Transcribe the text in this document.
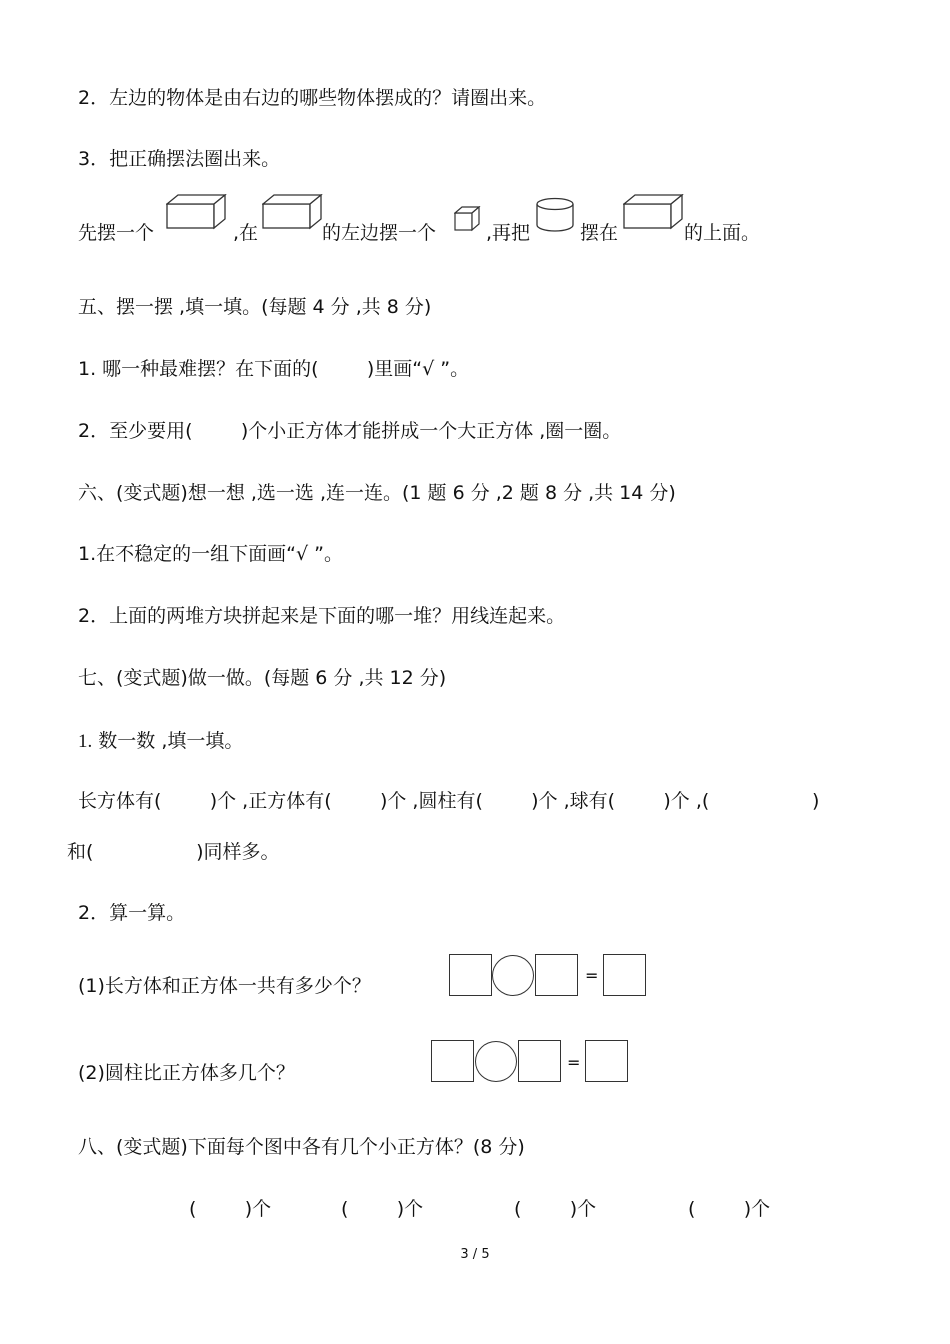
2．左边的物体是由右边的哪些物体摆成的？请圈出来。
3．把正确摆法圈出来。
先摆一个	,在	的左边摆一个	,再把	摆在	的上面。
五、摆一摆 ,填一填。(每题 4 分 ,共 8 分)
1. 哪一种最难摆？在下面的(        )里画“√ ”。
2．至少要用(        )个小正方体才能拼成一个大正方体 ,圈一圈。
六、(变式题)想一想 ,选一选 ,连一连。(1 题 6 分 ,2 题 8 分 ,共 14 分)
1.在不稳定的一组下面画“√ ”。
2．上面的两堆方块拼起来是下面的哪一堆？用线连起来。
七、(变式题)做一做。(每题 6 分 ,共 12 分)
1. 数一数 ,填一填。
长方体有(        )个 ,正方体有(        )个 ,圆柱有(        )个 ,球有(        )个 ,(                 )
和(                 )同样多。
2．算一算。
(1)长方体和正方体一共有多少个？	=
(2)圆柱比正方体多几个？	=
八、(变式题)下面每个图中各有几个小正方体？(8 分)
(        )个	(        )个	(        )个	(        )个
3 / 5
